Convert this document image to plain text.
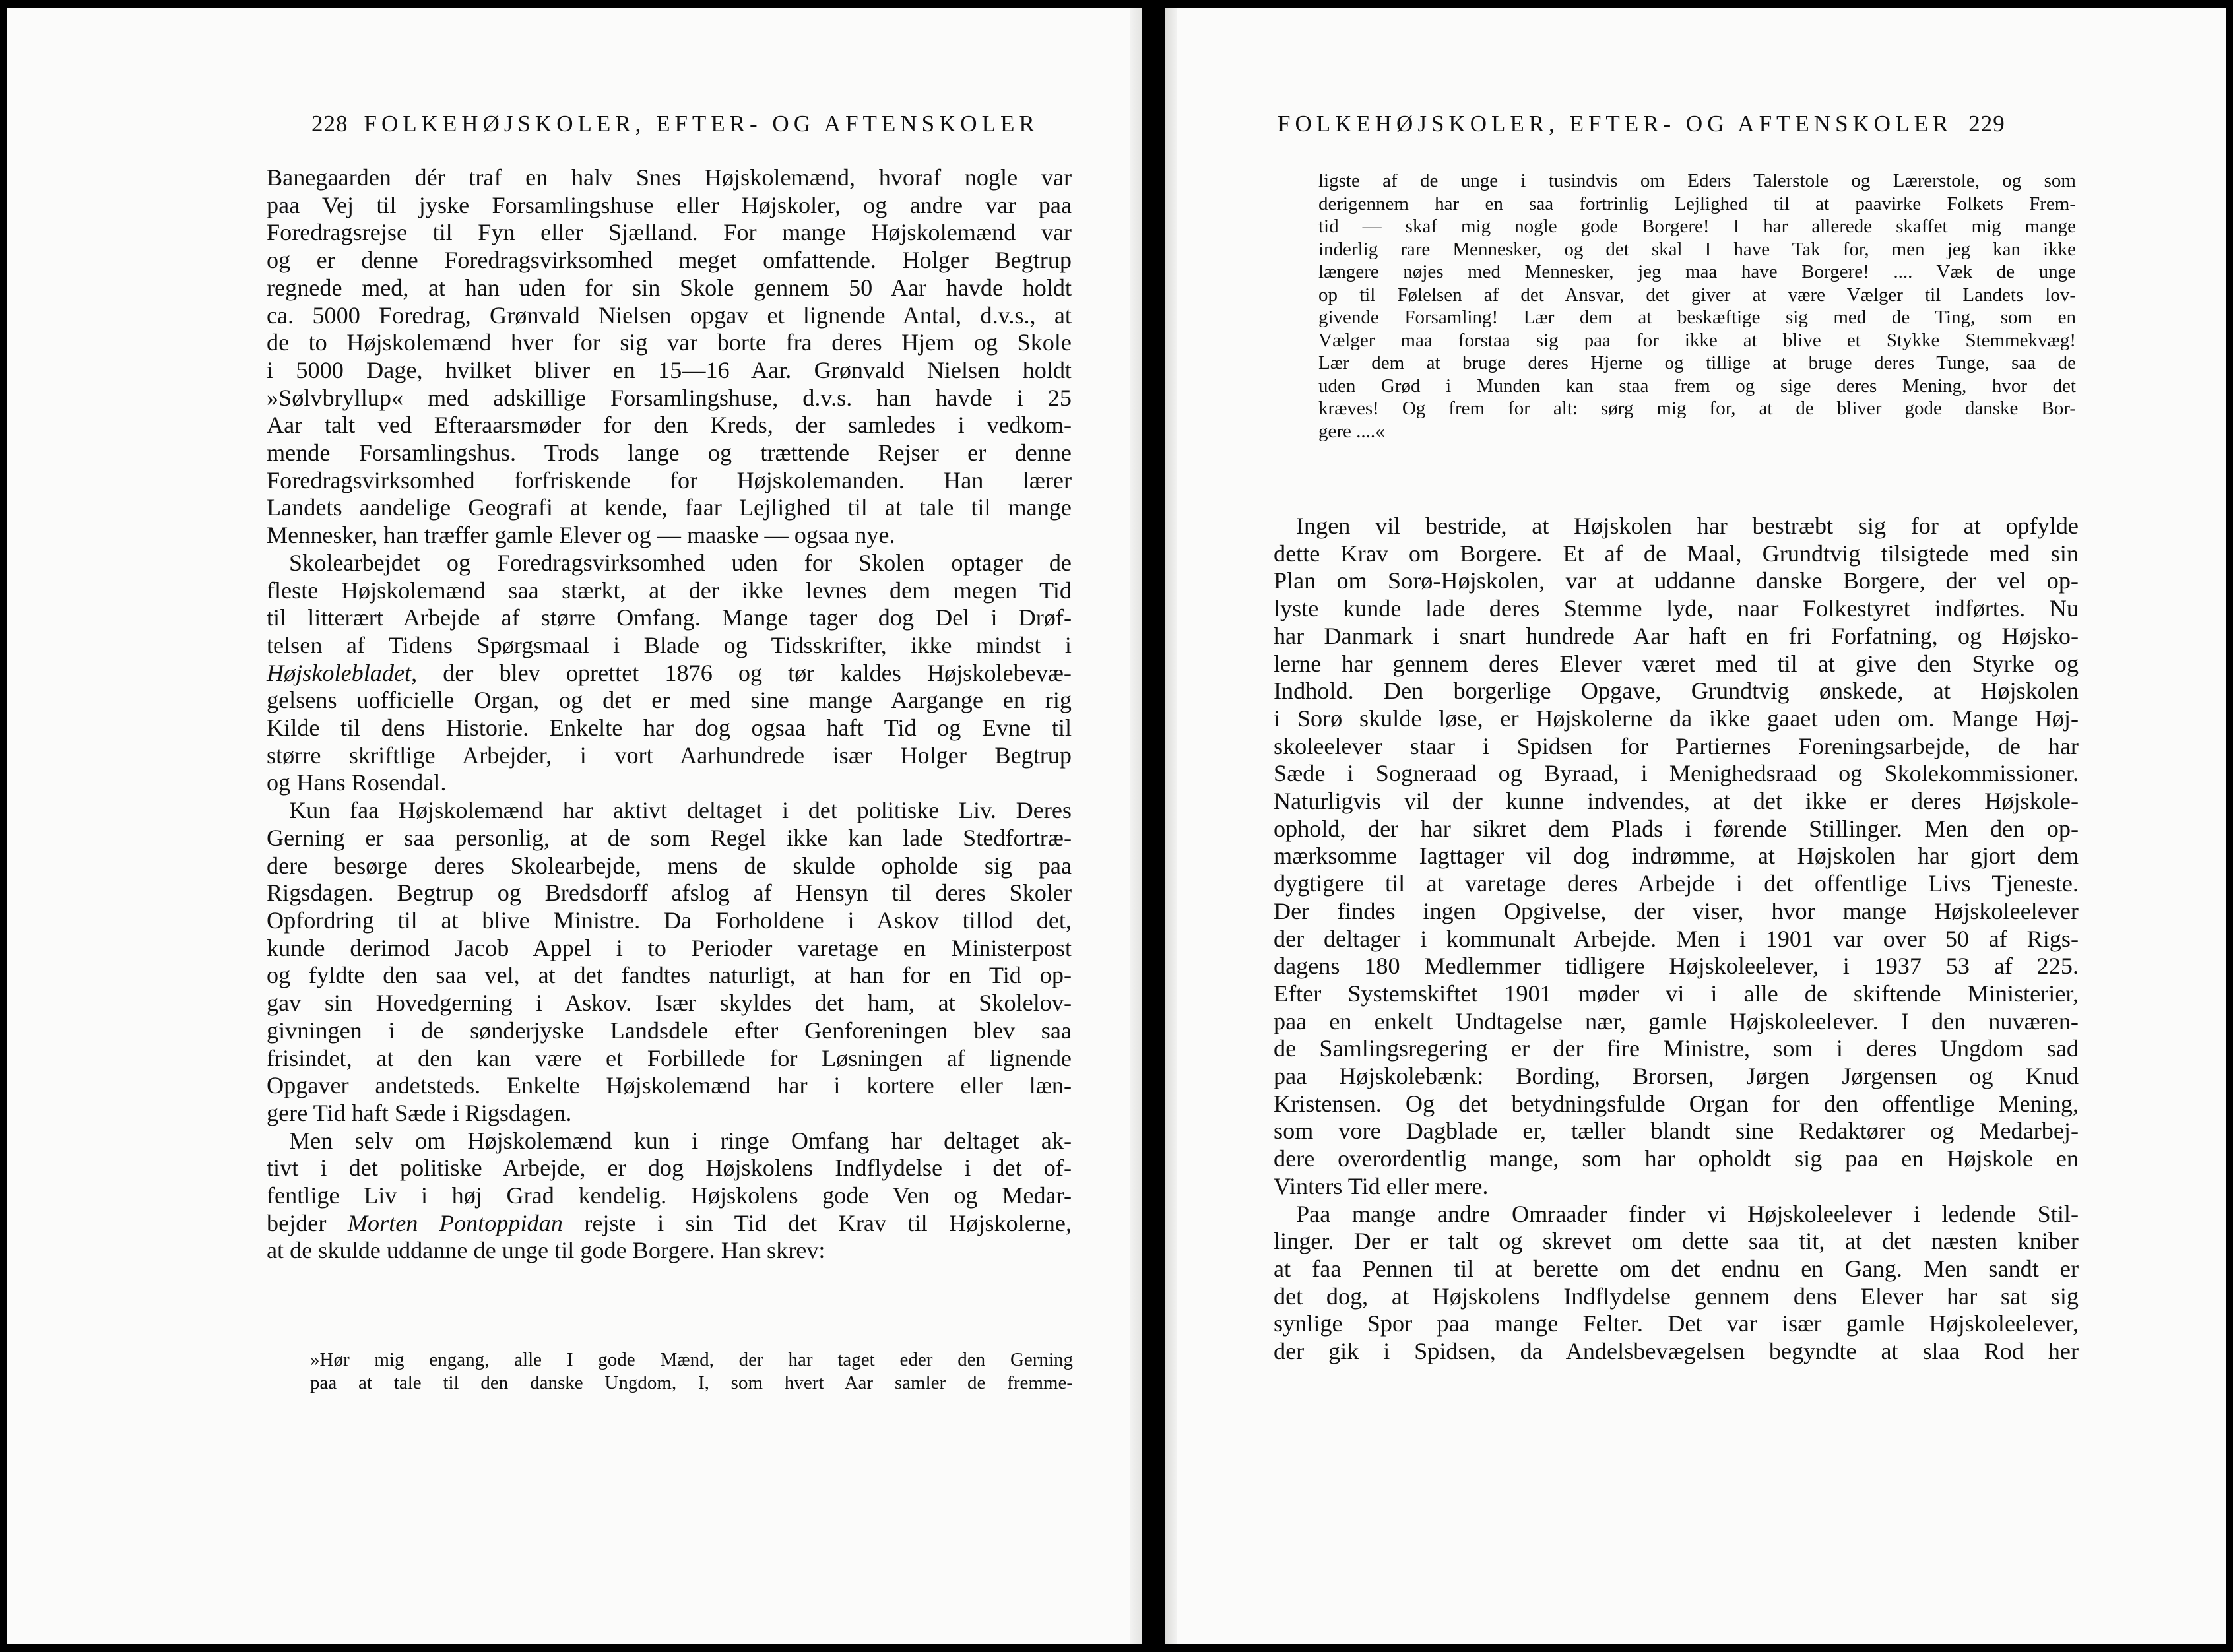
228 FOLKEHØJSKOLER, EFTER- OG AFTENSKOLER
Banegaarden dér traf en halv Snes Højskolemænd, hvoraf nogle var
paa Vej til jyske Forsamlingshuse eller Højskoler, og andre var paa
Foredragsrejse til Fyn eller Sjælland. For mange Højskolemænd var
og er denne Foredragsvirksomhed meget omfattende. Holger Begtrup
regnede med, at han uden for sin Skole gennem 50 Aar havde holdt
ca. 5000 Foredrag, Grønvald Nielsen opgav et lignende Antal, d.v.s., at
de to Højskolemænd hver for sig var borte fra deres Hjem og Skole
i 5000 Dage, hvilket bliver en 15—16 Aar. Grønvald Nielsen holdt
»Sølvbryllup« med adskillige Forsamlingshuse, d.v.s. han havde i 25
Aar talt ved Efteraarsmøder for den Kreds, der samledes i vedkom-
mende Forsamlingshus. Trods lange og trættende Rejser er denne
Foredragsvirksomhed forfriskende for Højskolemanden. Han lærer
Landets aandelige Geografi at kende, faar Lejlighed til at tale til mange
Mennesker, han træffer gamle Elever og — maaske — ogsaa nye.
Skolearbejdet og Foredragsvirksomhed uden for Skolen optager de
fleste Højskolemænd saa stærkt, at der ikke levnes dem megen Tid
til litterært Arbejde af større Omfang. Mange tager dog Del i Drøf-
telsen af Tidens Spørgsmaal i Blade og Tidsskrifter, ikke mindst i
Højskolebladet, der blev oprettet 1876 og tør kaldes Højskolebevæ-
gelsens uofficielle Organ, og det er med sine mange Aargange en rig
Kilde til dens Historie. Enkelte har dog ogsaa haft Tid og Evne til
større skriftlige Arbejder, i vort Aarhundrede især Holger Begtrup
og Hans Rosendal.
Kun faa Højskolemænd har aktivt deltaget i det politiske Liv. Deres
Gerning er saa personlig, at de som Regel ikke kan lade Stedfortræ-
dere besørge deres Skolearbejde, mens de skulde opholde sig paa
Rigsdagen. Begtrup og Bredsdorff afslog af Hensyn til deres Skoler
Opfordring til at blive Ministre. Da Forholdene i Askov tillod det,
kunde derimod Jacob Appel i to Perioder varetage en Ministerpost
og fyldte den saa vel, at det fandtes naturligt, at han for en Tid op-
gav sin Hovedgerning i Askov. Især skyldes det ham, at Skolelov-
givningen i de sønderjyske Landsdele efter Genforeningen blev saa
frisindet, at den kan være et Forbillede for Løsningen af lignende
Opgaver andetsteds. Enkelte Højskolemænd har i kortere eller læn-
gere Tid haft Sæde i Rigsdagen.
Men selv om Højskolemænd kun i ringe Omfang har deltaget ak-
tivt i det politiske Arbejde, er dog Højskolens Indflydelse i det of-
fentlige Liv i høj Grad kendelig. Højskolens gode Ven og Medar-
bejder Morten Pontoppidan rejste i sin Tid det Krav til Højskolerne,
at de skulde uddanne de unge til gode Borgere. Han skrev:
»Hør mig engang, alle I gode Mænd, der har taget eder den Gerning
paa at tale til den danske Ungdom, I, som hvert Aar samler de fremme-
FOLKEHØJSKOLER, EFTER- OG AFTENSKOLER 229
ligste af de unge i tusindvis om Eders Talerstole og Lærerstole, og som
derigennem har en saa fortrinlig Lejlighed til at paavirke Folkets Frem-
tid — skaf mig nogle gode Borgere! I har allerede skaffet mig mange
inderlig rare Mennesker, og det skal I have Tak for, men jeg kan ikke
længere nøjes med Mennesker, jeg maa have Borgere! .... Væk de unge
op til Følelsen af det Ansvar, det giver at være Vælger til Landets lov-
givende Forsamling! Lær dem at beskæftige sig med de Ting, som en
Vælger maa forstaa sig paa for ikke at blive et Stykke Stemmekvæg!
Lær dem at bruge deres Hjerne og tillige at bruge deres Tunge, saa de
uden Grød i Munden kan staa frem og sige deres Mening, hvor det
kræves! Og frem for alt: sørg mig for, at de bliver gode danske Bor-
gere ....«
Ingen vil bestride, at Højskolen har bestræbt sig for at opfylde
dette Krav om Borgere. Et af de Maal, Grundtvig tilsigtede med sin
Plan om Sorø-Højskolen, var at uddanne danske Borgere, der vel op-
lyste kunde lade deres Stemme lyde, naar Folkestyret indførtes. Nu
har Danmark i snart hundrede Aar haft en fri Forfatning, og Højsko-
lerne har gennem deres Elever været med til at give den Styrke og
Indhold. Den borgerlige Opgave, Grundtvig ønskede, at Højskolen
i Sorø skulde løse, er Højskolerne da ikke gaaet uden om. Mange Høj-
skoleelever staar i Spidsen for Partiernes Foreningsarbejde, de har
Sæde i Sogneraad og Byraad, i Menighedsraad og Skolekommissioner.
Naturligvis vil der kunne indvendes, at det ikke er deres Højskole-
ophold, der har sikret dem Plads i førende Stillinger. Men den op-
mærksomme Iagttager vil dog indrømme, at Højskolen har gjort dem
dygtigere til at varetage deres Arbejde i det offentlige Livs Tjeneste.
Der findes ingen Opgivelse, der viser, hvor mange Højskoleelever
der deltager i kommunalt Arbejde. Men i 1901 var over 50 af Rigs-
dagens 180 Medlemmer tidligere Højskoleelever, i 1937 53 af 225.
Efter Systemskiftet 1901 møder vi i alle de skiftende Ministerier,
paa en enkelt Undtagelse nær, gamle Højskoleelever. I den nuværen-
de Samlingsregering er der fire Ministre, som i deres Ungdom sad
paa Højskolebænk: Bording, Brorsen, Jørgen Jørgensen og Knud
Kristensen. Og det betydningsfulde Organ for den offentlige Mening,
som vore Dagblade er, tæller blandt sine Redaktører og Medarbej-
dere overordentlig mange, som har opholdt sig paa en Højskole en
Vinters Tid eller mere.
Paa mange andre Omraader finder vi Højskoleelever i ledende Stil-
linger. Der er talt og skrevet om dette saa tit, at det næsten kniber
at faa Pennen til at berette om det endnu en Gang. Men sandt er
det dog, at Højskolens Indflydelse gennem dens Elever har sat sig
synlige Spor paa mange Felter. Det var især gamle Højskoleelever,
der gik i Spidsen, da Andelsbevægelsen begyndte at slaa Rod her
